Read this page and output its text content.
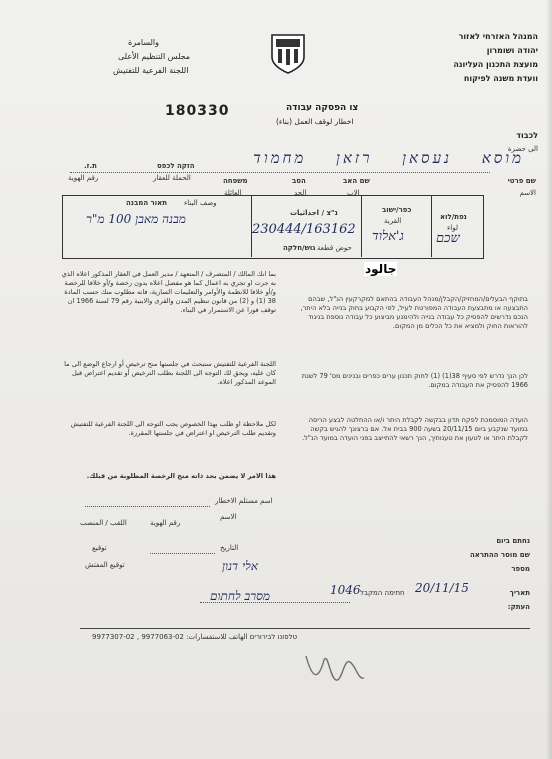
המנהל האזרחי לאזור
יהודה ושומרון
מועצת התכנון העליונה
וועדת משנה לפיקוח
والسامرة
مجلس التنظيم الأعلى
اللجنة الفرعية للتفتيش
180330	צו הפסקה עבודה
اخطار لوقف العمل (بناء)
לכבוד
الى حضرة
מוסא נעסאן רזאן מחמוד
שם פרטי
الاسم
שם האב
الاب
הסב
الجد
משפחה
العائلة
הזקה לכפס
الحملة للعقار
ת.ז.
رقم الهوية
נפת/לוא
لواء
כפר/ישוב
القرية
נ"צ / احداثيات
גוש/חלקה حوض قطعة
תאור המבנה وصف البناء
שכם
ג'אלוד
230444/163162
מבנה מאבן 100 מ"ר
جالود
بما انك المالك / المتصرف / المتعهد / مدير العمل في العقار المذكور اعلاه الذي به جرت او تجري به اعمال كما هو مفصل اعلاه بدون رخصة و/أو خلافا للرخصة و/أو خلافا للانظمة والأوامر والتعليمات السارية، فانه مطلوب منك حسب المادة 38 (1) و (2) من قانون تنظيم المدن والقرى والابنية رقم 79 لسنة 1966 ان توقف فورا عن الاستمرار في البناء.
اللجنة الفرعية للتفتيش ستبحث في جلستها منح ترخيص أو ارجاع الوضع الى ما كان عليه، ويحق لك التوجه الى اللجنة بطلب الترخيص أو تقديم اعتراض قبل الموعد المذكور اعلاه.
لكل ملاحظة او طلب بهذا الخصوص يجب التوجه الى اللجنة الفرعية للتفتيش وتقديم طلب الترخيص او اعتراض في جلستها المقررة.
هذا الامر لا يضمن بحد ذاته منح الرخصة المطلوبة من قبلك.
בתוקף הבעלים/המחזיק/הקבלן/מנהל העבודה בהתאם למקרקעין הנ"ל, שבהם התבצעה או מתבצעת העבודה המפורטת לעיל, לפי הקבוע בחוק בנייה בלא היתר, הנכם נדרשים להפסיק כל עבודה בנייה ולהימנע מביצוע כל עבודה נוספת בניגוד להוראות החוק ולמציא את כל הכלים מן המקום.
לכן הנך נדרש לפי סעיף 38(1) (1) לחוק תכנון ערים כפרים ובנינים מס' 79 לשנת 1966 להפסיק את העבודה במקום.
הועדה המוסמכת לפקח תדון בבקשה לקבלת היתר ו/או ההחלטה לבצע הריסה במועד שנקבע ביום 20/11/15 בשעה 900 בבית אל. אם ברצונך להגיש בקשה לקבלת היתר או לטעון את טענותיך, הנך רשאי להתייצב בפני הועדה במועד הנ"ל.
اسم مستلم الاخطار
الاسم
رقم الهوية
اللقب / المنصب
التاريخ
توقيع
توقيع المفتش
נחתם ביום
שם מוסר ההתראה
מספר
אלי דנון
תאריך
העתק:
חתימה המקבל 20/11/15
1046
מסרב לחתום
טלפונו לבירורים الهاتف للاستفسارات: 02-9977063 , 02-9977307
